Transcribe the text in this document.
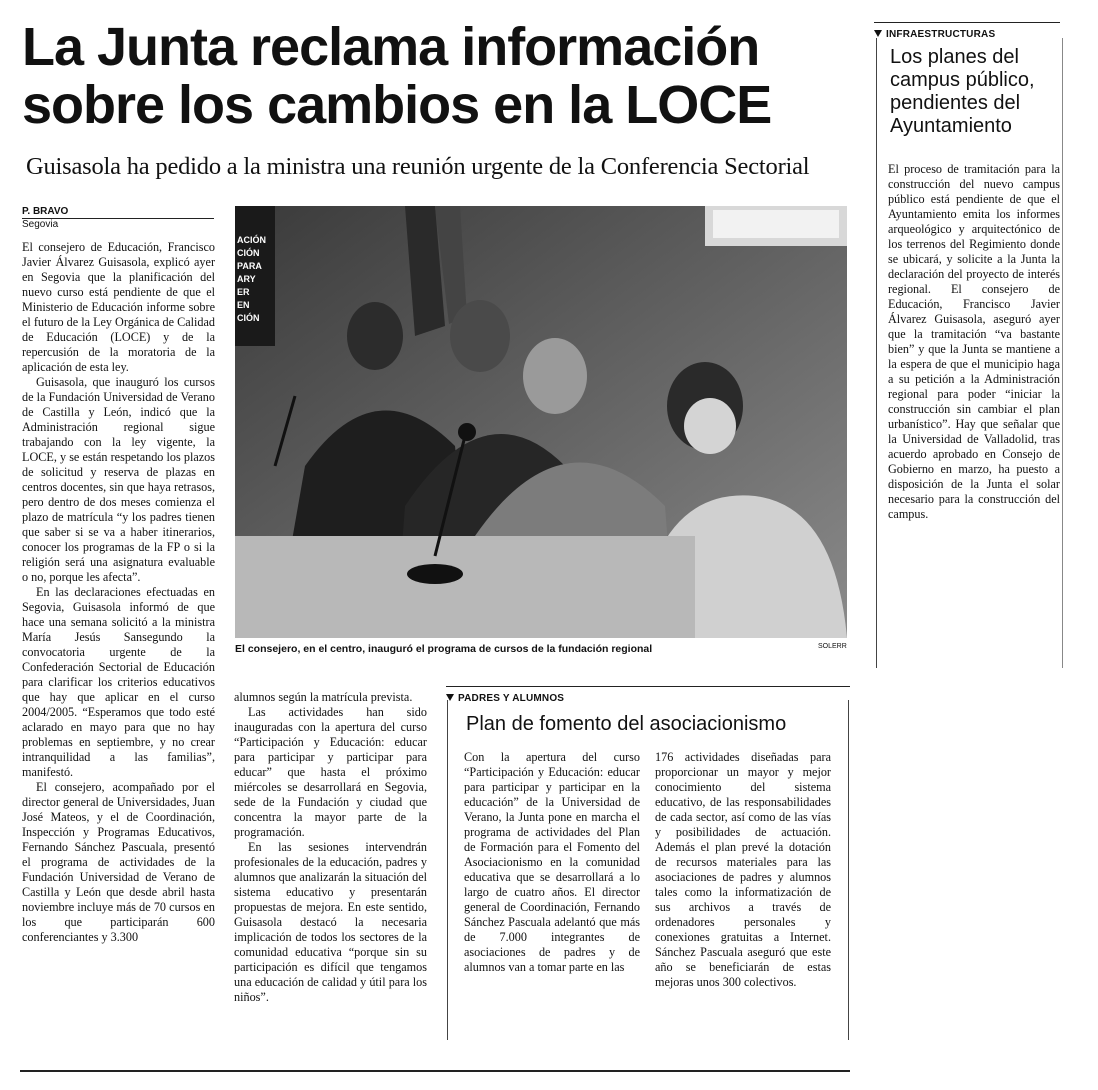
La Junta reclama información sobre los cambios en la LOCE
Guisasola ha pedido a la ministra una reunión urgente de la Conferencia Sectorial
P. BRAVO
Segovia

El consejero de Educación, Francisco Javier Álvarez Guisasola, explicó ayer en Segovia que la planificación del nuevo curso está pendiente de que el Ministerio de Educación informe sobre el futuro de la Ley Orgánica de Calidad de Educación (LOCE) y de la repercusión de la moratoria de la aplicación de esta ley.

Guisasola, que inauguró los cursos de la Fundación Universidad de Verano de Castilla y León, indicó que la Administración regional sigue trabajando con la ley vigente, la LOCE, y se están respetando los plazos de solicitud y reserva de plazas en centros docentes, sin que haya retrasos, pero dentro de dos meses comienza el plazo de matrícula “y los padres tienen que saber si se va a haber itinerarios, conocer los programas de la FP o si la religión será una asignatura evaluable o no, porque les afecta”.

En las declaraciones efectuadas en Segovia, Guisasola informó de que hace una semana solicitó a la ministra María Jesús Sansegundo la convocatoria urgente de la Confederación Sectorial de Educación para clarificar los criterios educativos que hay que aplicar en el curso 2004/2005. “Esperamos que todo esté aclarado en mayo para que no hay problemas en septiembre, y no crear intranquilidad a las familias”, manifestó.

El consejero, acompañado por el director general de Universidades, Juan José Mateos, y el de Coordinación, Inspección y Programas Educativos, Fernando Sánchez Pascuala, presentó el programa de actividades de la Fundación Universidad de Verano de Castilla y León que desde abril hasta noviembre incluye más de 70 cursos en los que participarán 600 conferenciantes y 3.300

ACIÓN CIÓN PARA ARY ER EN CIÓN
El consejero, en el centro, inauguró el programa de cursos de la fundación regional	SOLERR

alumnos según la matrícula prevista.

Las actividades han sido inauguradas con la apertura del curso “Participación y Educación: educar para participar y participar para educar” que hasta el próximo miércoles se desarrollará en Segovia, sede de la Fundación y ciudad que concentra la mayor parte de la programación.

En las sesiones intervendrán profesionales de la educación, padres y alumnos que analizarán la situación del sistema educativo y presentarán propuestas de mejora. En este sentido, Guisasola destacó la necesaria implicación de todos los sectores de la comunidad educativa “porque sin su participación es difícil que tengamos una educación de calidad y útil para los niños”.

INFRAESTRUCTURAS
Los planes del campus público, pendientes del Ayuntamiento
El proceso de tramitación para la construcción del nuevo campus público está pendiente de que el Ayuntamiento emita los informes arqueológico y arquitectónico de los terrenos del Regimiento donde se ubicará, y solicite a la Junta la declaración del proyecto de interés regional. El consejero de Educación, Francisco Javier Álvarez Guisasola, aseguró ayer que la tramitación “va bastante bien” y que la Junta se mantiene a la espera de que el municipio haga a su petición a la Administración regional para poder “iniciar la construcción sin cambiar el plan urbanístico”. Hay que señalar que la Universidad de Valladolid, tras acuerdo aprobado en Consejo de Gobierno en marzo, ha puesto a disposición de la Junta el solar necesario para la construcción del campus.
PADRES Y ALUMNOS
Plan de fomento del asociacionismo
Con la apertura del curso “Participación y Educación: educar para participar y participar en la educación” de la Universidad de Verano, la Junta pone en marcha el programa de actividades del Plan de Formación para el Fomento del Asociacionismo en la comunidad educativa que se desarrollará a lo largo de cuatro años. El director general de Coordinación, Fernando Sánchez Pascuala adelantó que más de 7.000 integrantes de asociaciones de padres y de alumnos van a tomar parte en las
176 actividades diseñadas para proporcionar un mayor y mejor conocimiento del sistema educativo, de las responsabilidades de cada sector, así como de las vías y posibilidades de actuación. Además el plan prevé la dotación de recursos materiales para las asociaciones de padres y alumnos tales como la informatización de sus archivos a través de ordenadores personales y conexiones gratuitas a Internet. Sánchez Pascuala aseguró que este año se beneficiarán de estas mejoras unos 300 colectivos.
